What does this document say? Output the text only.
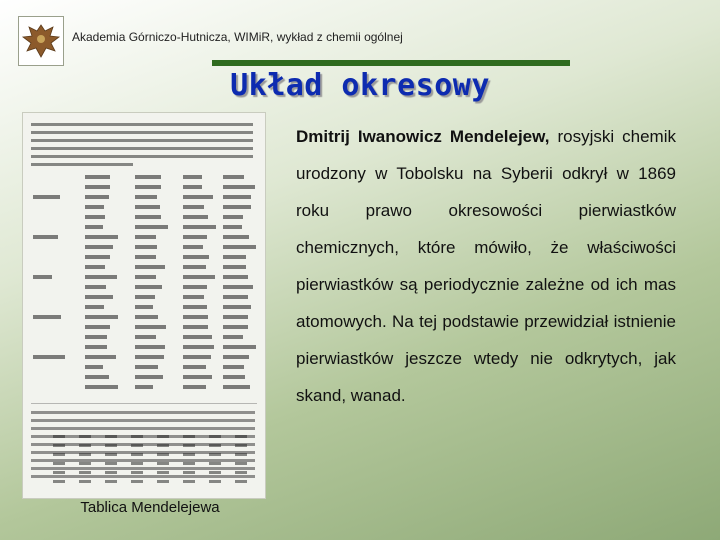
Akademia Górniczo-Hutnicza, WIMiR, wykład z chemii ogólnej
Układ okresowy
Tablica Mendelejewa
Dmitrij Iwanowicz Mendelejew, rosyjski chemik urodzony w Tobolsku na Syberii odkrył w 1869 roku prawo okresowości pierwiastków chemicznych, które mówiło, że właściwości pierwiastków są periodycznie zależne od ich mas atomowych. Na tej podstawie przewidział istnienie pierwiastków jeszcze wtedy nie odkrytych, jak skand, wanad.
